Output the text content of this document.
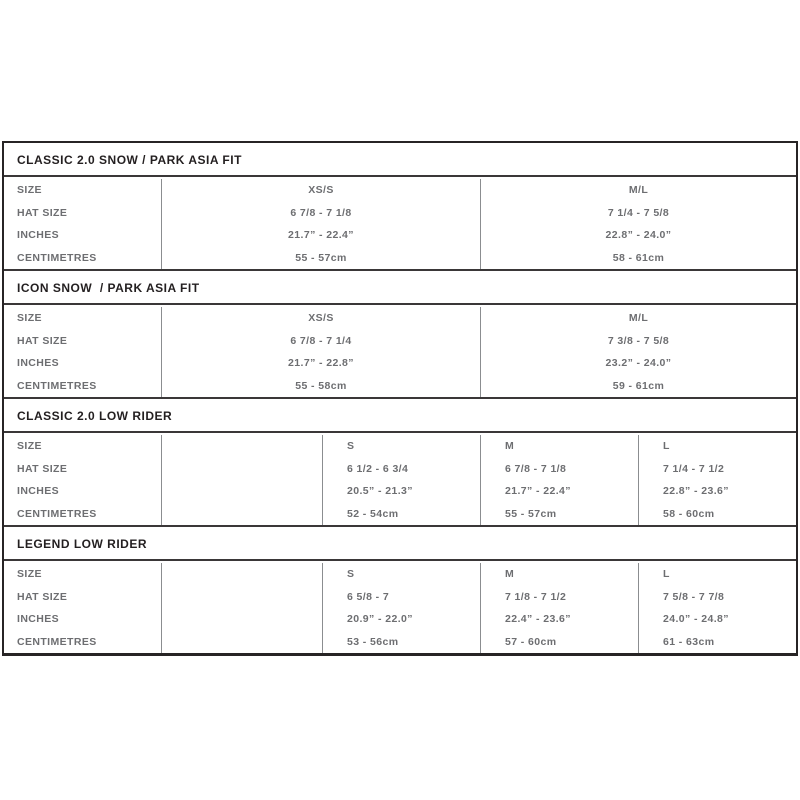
CLASSIC 2.0 SNOW / PARK ASIA FIT
SIZE
HAT SIZE
INCHES
CENTIMETRES
XS/S
6 7/8 - 7 1/8
21.7” - 22.4”
55 - 57cm
M/L
7 1/4 - 7 5/8
22.8” - 24.0”
58 - 61cm
ICON SNOW  / PARK ASIA FIT
SIZE
HAT SIZE
INCHES
CENTIMETRES
XS/S
6 7/8 - 7 1/4
21.7” - 22.8”
55 - 58cm
M/L
7 3/8 - 7 5/8
23.2” - 24.0”
59 - 61cm
CLASSIC 2.0 LOW RIDER
SIZE
HAT SIZE
INCHES
CENTIMETRES
S
6 1/2 - 6 3/4
20.5” - 21.3”
52 - 54cm
M
6 7/8 - 7 1/8
21.7” - 22.4”
55 - 57cm
L
7 1/4 - 7 1/2
22.8” - 23.6”
58 - 60cm
LEGEND LOW RIDER
SIZE
HAT SIZE
INCHES
CENTIMETRES
S
6 5/8 - 7
20.9” - 22.0”
53 - 56cm
M
7 1/8 - 7 1/2
22.4” - 23.6”
57 - 60cm
L
7 5/8 - 7 7/8
24.0” - 24.8”
61 - 63cm
